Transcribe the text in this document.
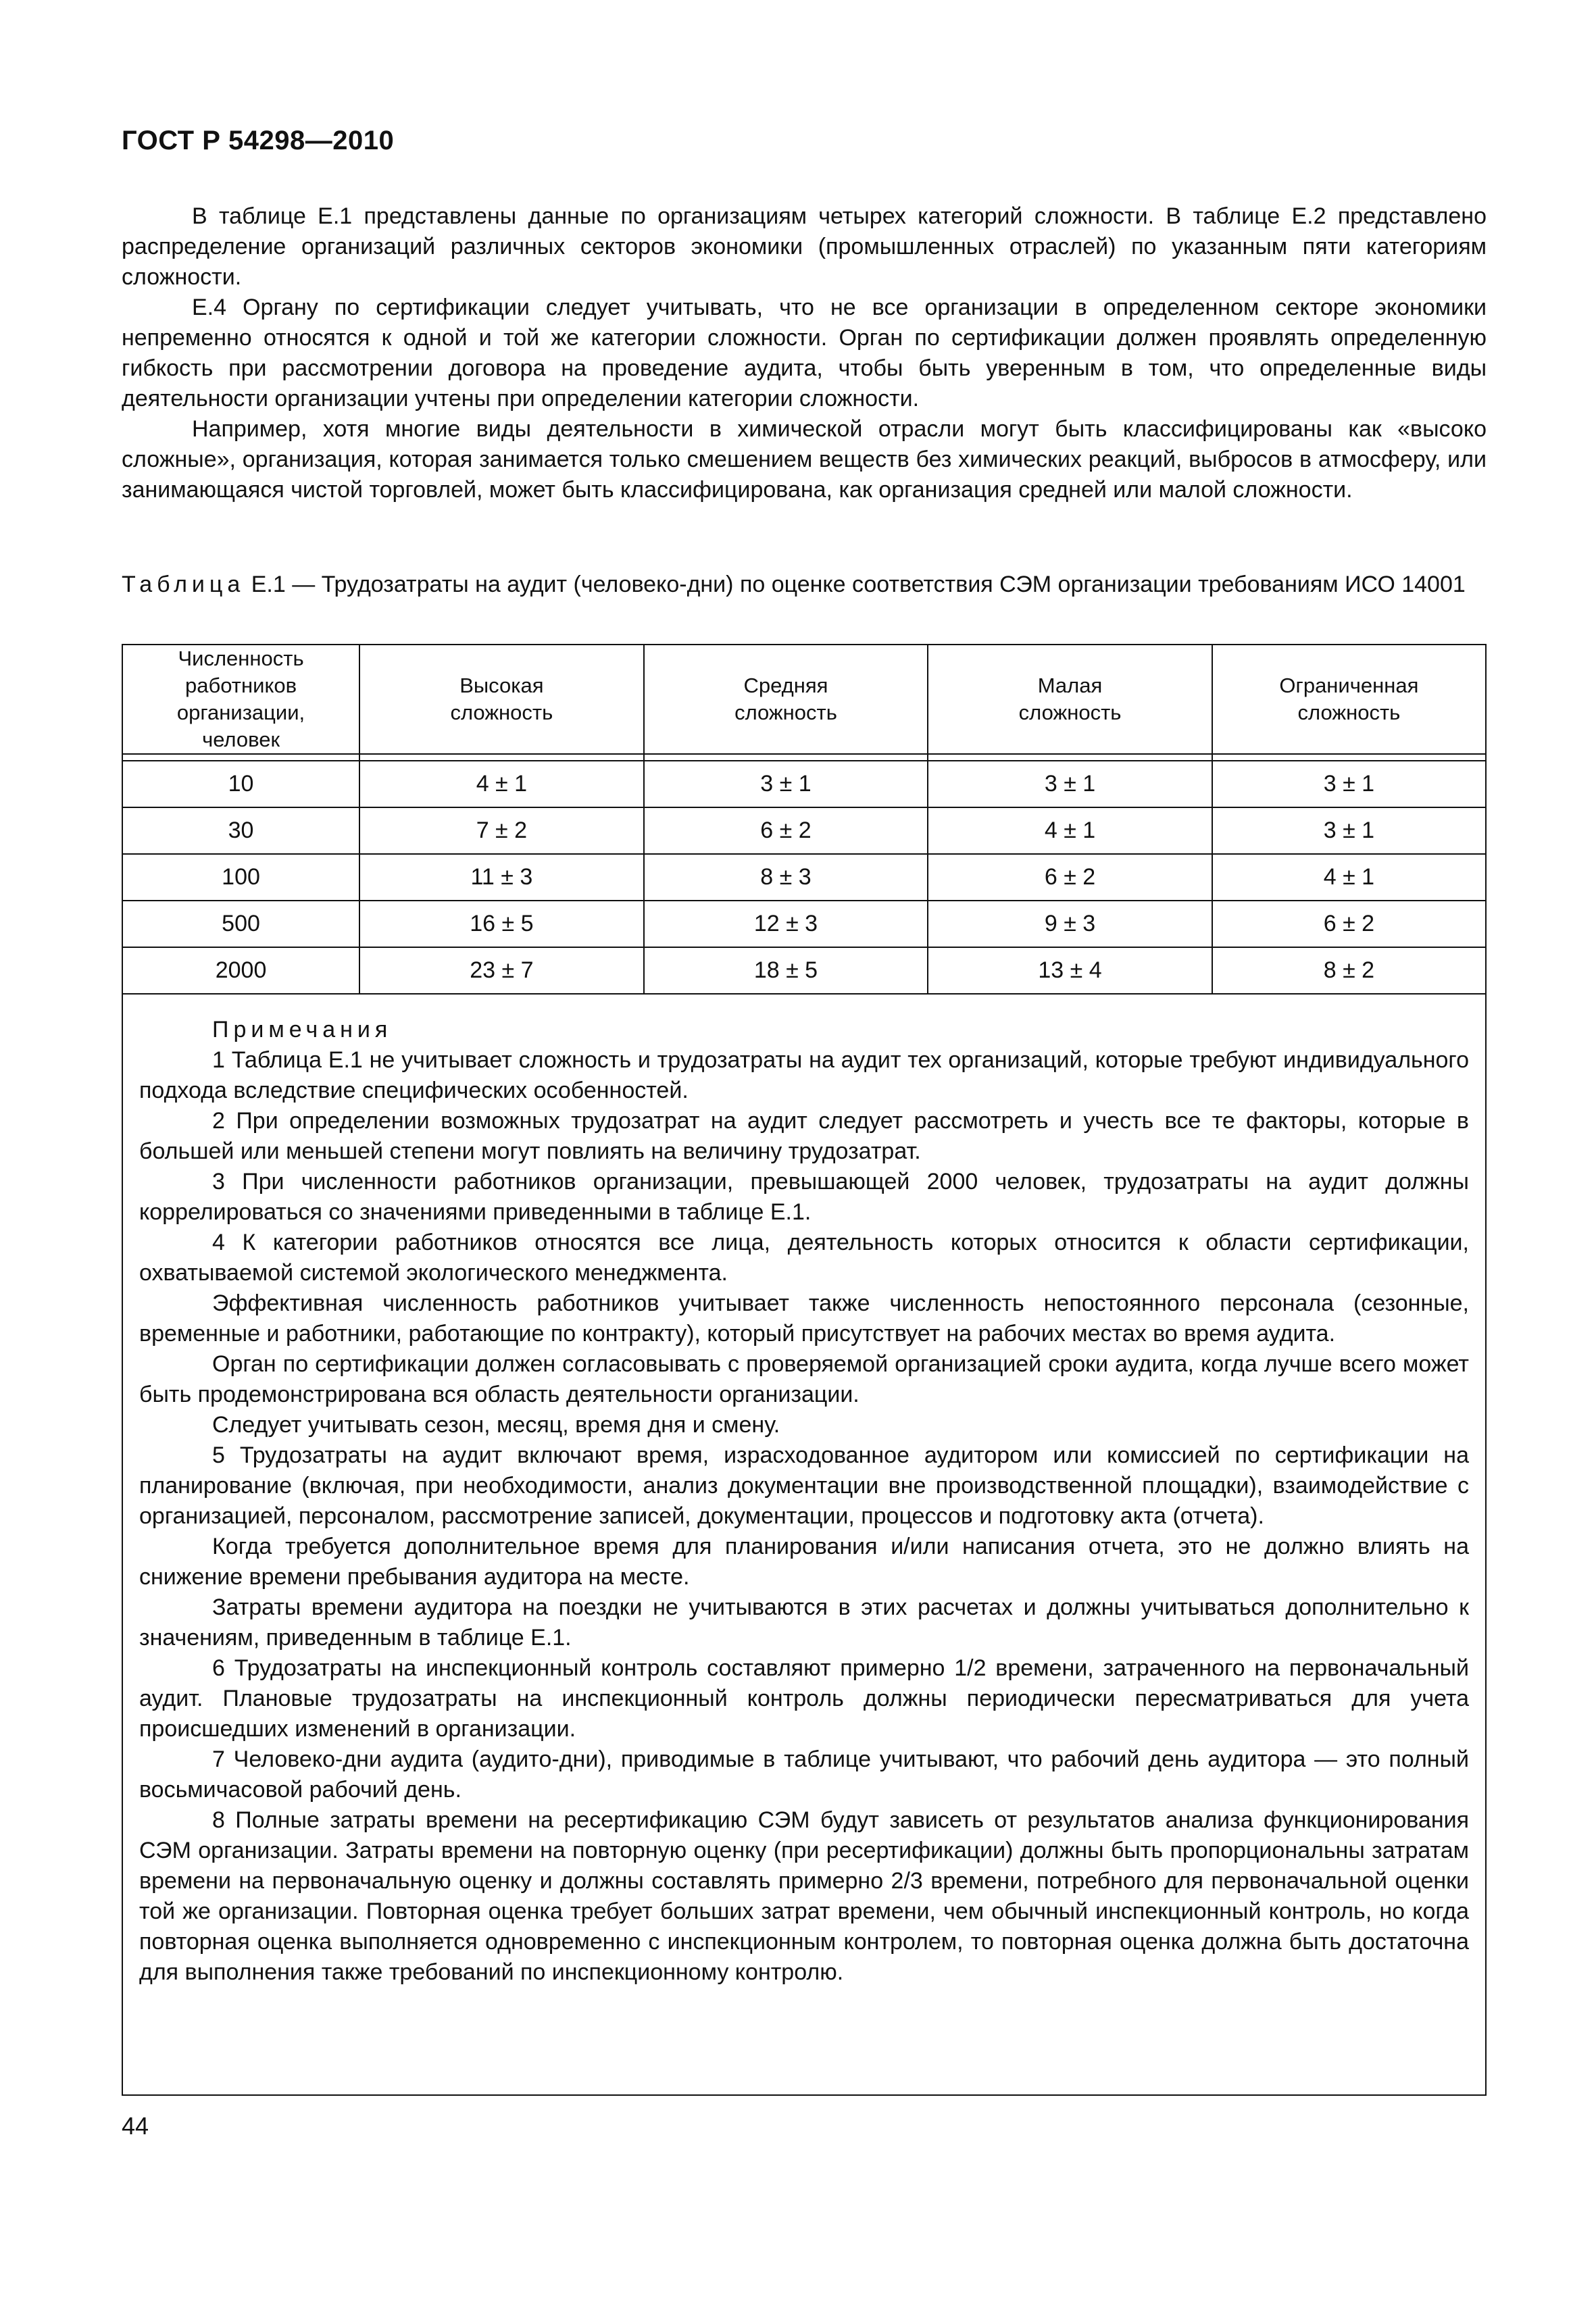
ГОСТ Р 54298—2010

В таблице Е.1 представлены данные по организациям четырех категорий сложности. В таблице Е.2 представлено распределение организаций различных секторов экономики (промышленных отраслей) по указанным пяти категориям сложности.

Е.4 Органу по сертификации следует учитывать, что не все организации в определенном секторе экономики непременно относятся к одной и той же категории сложности. Орган по сертификации должен проявлять определенную гибкость при рассмотрении договора на проведение аудита, чтобы быть уверенным в том, что определенные виды деятельности организации учтены при определении категории сложности.

Например, хотя многие виды деятельности в химической отрасли могут быть классифицированы как «высоко сложные», организация, которая занимается только смешением веществ без химических реакций, выбросов в атмосферу, или занимающаяся чистой торговлей, может быть классифицирована, как организация средней или малой сложности.

Таблица Е.1 — Трудозатраты на аудит (человеко-дни) по оценке соответствия СЭМ организации требованиям ИСО 14001
Численность работников организации, человек	Высокая сложность	Средняя сложность	Малая сложность	Ограниченная сложность

10	4 ± 1	3 ± 1	3 ± 1	3 ± 1
30	7 ± 2	6 ± 2	4 ± 1	3 ± 1
100	11 ± 3	8 ± 3	6 ± 2	4 ± 1
500	16 ± 5	12 ± 3	9 ± 3	6 ± 2
2000	23 ± 7	18 ± 5	13 ± 4	8 ± 2

Примечания

1 Таблица Е.1 не учитывает сложность и трудозатраты на аудит тех организаций, которые требуют индивидуального подхода вследствие специфических особенностей.

2 При определении возможных трудозатрат на аудит следует рассмотреть и учесть все те факторы, которые в большей или меньшей степени могут повлиять на величину трудозатрат.

3 При численности работников организации, превышающей 2000 человек, трудозатраты на аудит должны коррелироваться со значениями приведенными в таблице Е.1.

4 К категории работников относятся все лица, деятельность которых относится к области сертификации, охватываемой системой экологического менеджмента.

Эффективная численность работников учитывает также численность непостоянного персонала (сезонные, временные и работники, работающие по контракту), который присутствует на рабочих местах во время аудита.

Орган по сертификации должен согласовывать с проверяемой организацией сроки аудита, когда лучше всего может быть продемонстрирована вся область деятельности организации.

Следует учитывать сезон, месяц, время дня и смену.

5 Трудозатраты на аудит включают время, израсходованное аудитором или комиссией по сертификации на планирование (включая, при необходимости, анализ документации вне производственной площадки), взаимодействие с организацией, персоналом, рассмотрение записей, документации, процессов и подготовку акта (отчета).

Когда требуется дополнительное время для планирования и/или написания отчета, это не должно влиять на снижение времени пребывания аудитора на месте.

Затраты времени аудитора на поездки не учитываются в этих расчетах и должны учитываться дополнительно к значениям, приведенным в таблице Е.1.

6 Трудозатраты на инспекционный контроль составляют примерно 1/2 времени, затраченного на первоначальный аудит. Плановые трудозатраты на инспекционный контроль должны периодически пересматриваться для учета происшедших изменений в организации.

7 Человеко-дни аудита (аудито-дни), приводимые в таблице учитывают, что рабочий день аудитора — это полный восьмичасовой рабочий день.

8 Полные затраты времени на ресертификацию СЭМ будут зависеть от результатов анализа функционирования СЭМ организации. Затраты времени на повторную оценку (при ресертификации) должны быть пропорциональны затратам времени на первоначальную оценку и должны составлять примерно 2/3 времени, потребного для первоначальной оценки той же организации. Повторная оценка требует больших затрат времени, чем обычный инспекционный контроль, но когда повторная оценка выполняется одновременно с инспекционным контролем, то повторная оценка должна быть достаточна для выполнения также требований по инспекционному контролю.

44
